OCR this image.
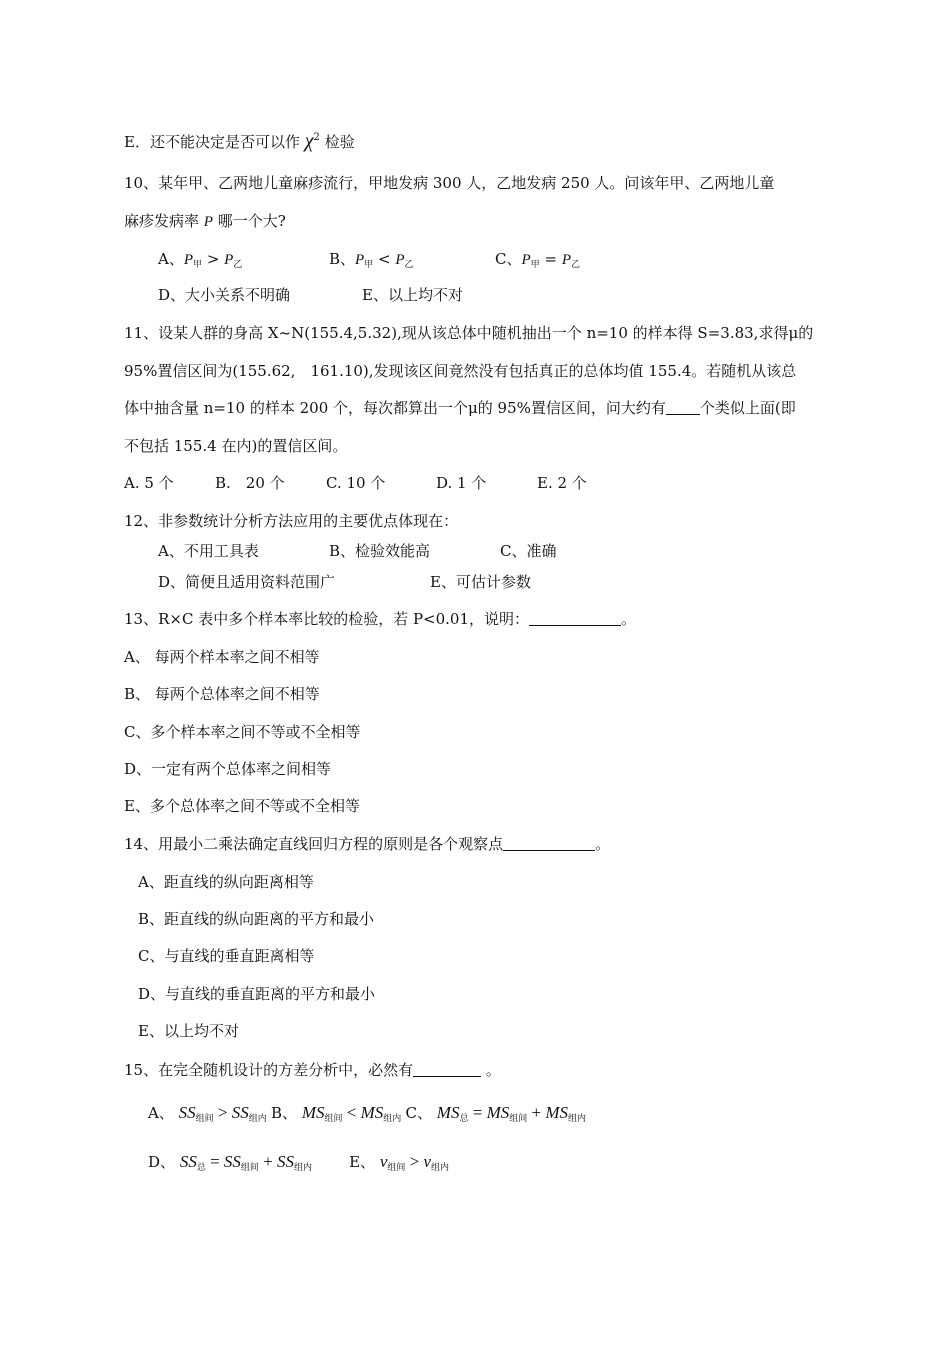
E．还不能决定是否可以作 $\chi^2$ 检验
10、某年甲、乙两地儿童麻疹流行，甲地发病 300 人，乙地发病 250 人。问该年甲、乙两地儿童
麻疹发病率 P 哪一个大?
A、$P_甲 > P_乙$	B、$P_甲 < P_乙$	C、$P_甲 = P_乙$
D、大小关系不明确	E、以上均不对
11、设某人群的身高 X~N(155.4,5.32),现从该总体中随机抽出一个 n=10 的样本得 S=3.83,求得μ的
95%置信区间为(155.62,　161.10),发现该区间竟然没有包括真正的总体均值 155.4。若随机从该总
体中抽含量 n=10 的样本 200 个，每次都算出一个μ的 95%置信区间，问大约有 个类似上面(即
不包括 155.4 在内)的置信区间。
A. 5 个	B.　20 个	C. 10 个	D. 1 个	E. 2 个
12、非参数统计分析方法应用的主要优点体现在：
A、不用工具表	B、检验效能高	C、准确
D、简便且适用资料范围广	E、可估计参数
13、R×C 表中多个样本率比较的检验，若 P<0.01，说明：	。
A、 每两个样本率之间不相等
B、 每两个总体率之间不相等
C、多个样本率之间不等或不全相等
D、一定有两个总体率之间相等
E、多个总体率之间不等或不全相等
14、用最小二乘法确定直线回归方程的原则是各个观察点	。
A、距直线的纵向距离相等
B、距直线的纵向距离的平方和最小
C、与直线的垂直距离相等
D、与直线的垂直距离的平方和最小
E、以上均不对
15、在完全随机设计的方差分析中，必然有	。
A、 $SS_{组间} > SS_{组内}$ B、 $MS_{组间} < MS_{组内}$ C、 $MS_总 = MS_{组间} + MS_{组内}$
D、 $SS_总 = SS_{组间} + SS_{组内}$ E、 $\nu_{组间} > \nu_{组内}$
